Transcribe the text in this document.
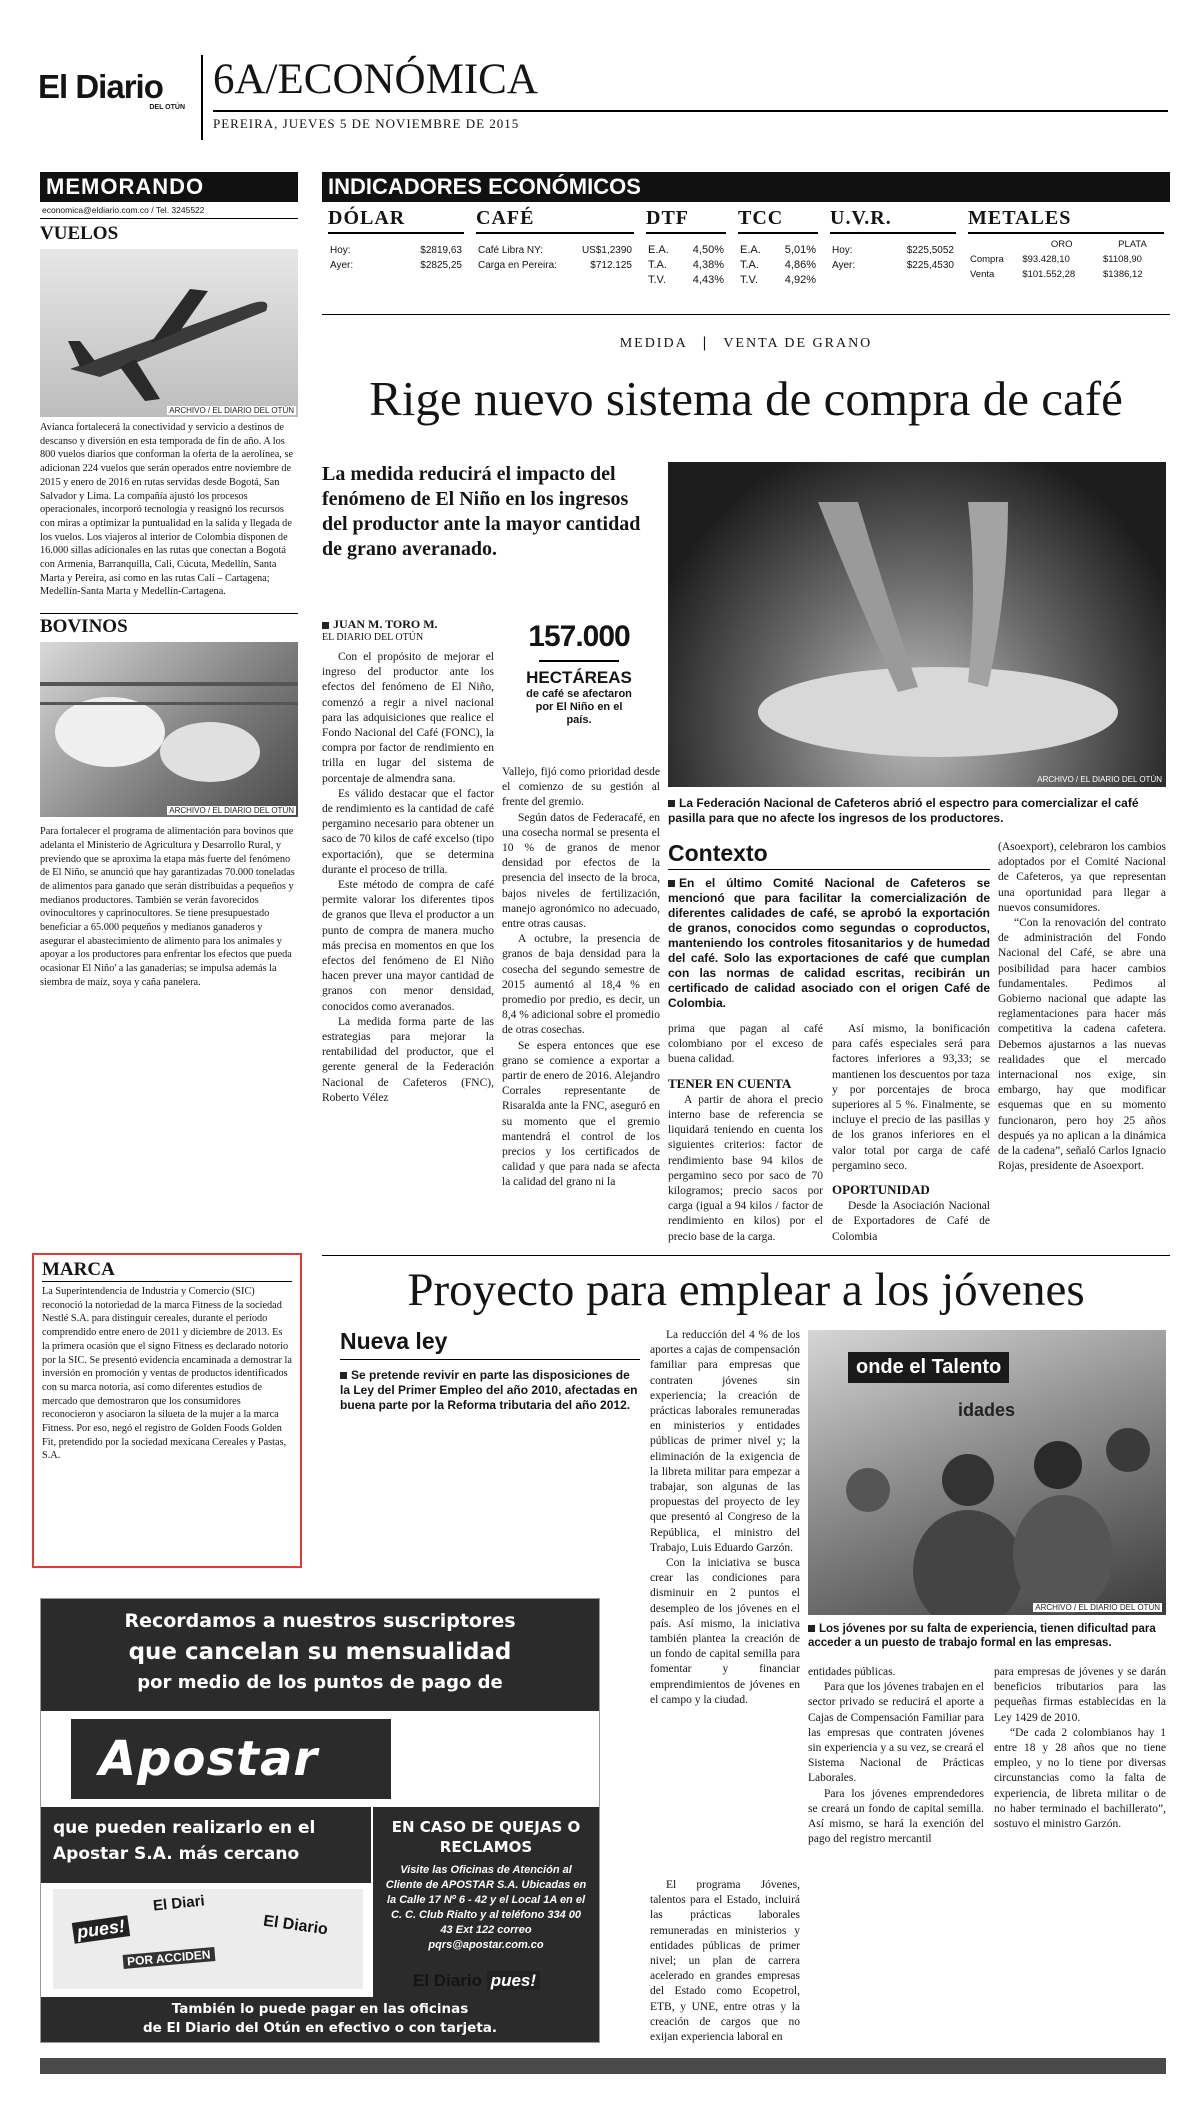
El Diario
DEL OTÚN
6A/ECONÓMICA
PEREIRA, JUEVES 5 DE NOVIEMBRE DE 2015
MEMORANDO
economica@eldiario.com.co / Tel. 3245522
VUELOS
ARCHIVO / EL DIARIO DEL OTÚN
Avianca fortalecerá la conectividad y servicio a destinos de descanso y diversión en esta temporada de fin de año. A los 800 vuelos diarios que conforman la oferta de la aerolínea, se adicionan 224 vuelos que serán operados entre noviembre de 2015 y enero de 2016 en rutas servidas desde Bogotá, San Salvador y Lima. La compañía ajustó los procesos operacionales, incorporó tecnología y reasignó los recursos con miras a optimizar la puntualidad en la salida y llegada de los vuelos. Los viajeros al interior de Colombia disponen de 16.000 sillas adicionales en las rutas que conectan a Bogotá con Armenia, Barranquilla, Cali, Cúcuta, Medellín, Santa Marta y Pereira, así como en las rutas Cali – Cartagena; Medellín-Santa Marta y Medellín-Cartagena.
BOVINOS
ARCHIVO / EL DIARIO DEL OTÚN
Para fortalecer el programa de alimentación para bovinos que adelanta el Ministerio de Agricultura y Desarrollo Rural, y previendo que se aproxima la etapa más fuerte del fenómeno de El Niño, se anunció que hay garantizadas 70.000 toneladas de alimentos para ganado que serán distribuidas a pequeños y medianos productores. También se verán favorecidos ovinocultores y caprinocultores. Se tiene presupuestado beneficiar a 65.000 pequeños y medianos ganaderos y asegurar el abastecimiento de alimento para los animales y apoyar a los productores para enfrentar los efectos que pueda ocasionar El Niño' a las ganaderías; se impulsa además la siembra de maíz, soya y caña panelera.
MARCA
La Superintendencia de Industria y Comercio (SIC) reconoció la notoriedad de la marca Fitness de la sociedad Nestlé S.A. para distinguir cereales, durante el período comprendido entre enero de 2011 y diciembre de 2013. Es la primera ocasión que el signo Fitness es declarado notorio por la SIC. Se presentó evidencia encaminada a demostrar la inversión en promoción y ventas de productos identificados con su marca notoria, así como diferentes estudios de mercado que demostraron que los consumidores reconocieron y asociaron la silueta de la mujer a la marca Fitness. Por eso, negó el registro de Golden Foods Golden Fit, pretendido por la sociedad mexicana Cereales y Pastas, S.A.
INDICADORES ECONÓMICOS
DÓLAR
Hoy:	$2819,63
Ayer:	$2825,25
CAFÉ
Café Libra NY:	US$1,2390
Carga en Pereira:	$712.125
DTF
E.A.	4,50%
T.A.	4,38%
T.V.	4,43%
TCC
E.A.	5,01%
T.A.	4,86%
T.V.	4,92%
U.V.R.
Hoy:	$225,5052
Ayer:	$225,4530
METALES
	ORO	PLATA
Compra	$93.428,10	$1108,90
Venta	$101.552,28	$1386,12
MEDIDA | VENTA DE GRANO
Rige nuevo sistema de compra de café
La medida reducirá el impacto del fenómeno de El Niño en los ingresos del productor ante la mayor cantidad de grano averanado.
JUAN M. TORO M.
EL DIARIO DEL OTÚN	157.000
HECTÁREAS
de café se afectaron por El Niño en el país.
ARCHIVO / EL DIARIO DEL OTÚN
La Federación Nacional de Cafeteros abrió el espectro para comercializar el café pasilla para que no afecte los ingresos de los productores.

Con el propósito de mejorar el ingreso del productor ante los efectos del fenómeno de El Niño, comenzó a regir a nivel nacional para las adquisiciones que realice el Fondo Nacional del Café (FONC), la compra por factor de rendimiento en trilla en lugar del sistema de porcentaje de almendra sana.

Es válido destacar que el factor de rendimiento es la cantidad de café pergamino necesario para obtener un saco de 70 kilos de café excelso (tipo exportación), que se determina durante el proceso de trilla.

Este método de compra de café permite valorar los diferentes tipos de granos que lleva el productor a un punto de compra de manera mucho más precisa en momentos en que los efectos del fenómeno de El Niño hacen prever una mayor cantidad de granos con menor densidad, conocidos como averanados.

La medida forma parte de las estrategias para mejorar la rentabilidad del productor, que el gerente general de la Federación Nacional de Cafeteros (FNC), Roberto Vélez

Vallejo, fijó como prioridad desde el comienzo de su gestión al frente del gremio.

Según datos de Federacafé, en una cosecha normal se presenta el 10 % de granos de menor densidad por efectos de la presencia del insecto de la broca, bajos niveles de fertilización, manejo agronómico no adecuado, entre otras causas.

A octubre, la presencia de granos de baja densidad para la cosecha del segundo semestre de 2015 aumentó al 18,4 % en promedio por predio, es decir, un 8,4 % adicional sobre el promedio de otras cosechas.

Se espera entonces que ese grano se comience a exportar a partir de enero de 2016. Alejandro Corrales representante de Risaralda ante la FNC, aseguró en su momento que el gremio mantendrá el control de los precios y los certificados de calidad y que para nada se afecta la calidad del grano ni la

Contexto
En el último Comité Nacional de Cafeteros se mencionó que para facilitar la comercialización de diferentes calidades de café, se aprobó la exportación de granos, conocidos como segundas o coproductos, manteniendo los controles fitosanitarios y de humedad del café. Solo las exportaciones de café que cumplan con las normas de calidad escritas, recibirán un certificado de calidad asociado con el origen Café de Colombia.

prima que pagan al café colombiano por el exceso de buena calidad.

TENER EN CUENTA

A partir de ahora el precio interno base de referencia se liquidará teniendo en cuenta los siguientes criterios: factor de rendimiento base 94 kilos de pergamino seco por saco de 70 kilogramos; precio sacos por carga (igual a 94 kilos / factor de rendimiento en kilos) por el precio base de la carga.

Así mismo, la bonificación para cafés especiales será para factores inferiores a 93,33; se mantienen los descuentos por taza y por porcentajes de broca superiores al 5 %. Finalmente, se incluye el precio de las pasillas y de los granos inferiores en el valor total por carga de café pergamino seco.

OPORTUNIDAD

Desde la Asociación Nacional de Exportadores de Café de Colombia

(Asoexport), celebraron los cambios adoptados por el Comité Nacional de Cafeteros, ya que representan una oportunidad para llegar a nuevos consumidores.

“Con la renovación del contrato de administración del Fondo Nacional del Café, se abre una posibilidad para hacer cambios fundamentales. Pedimos al Gobierno nacional que adapte las reglamentaciones para hacer más competitiva la cadena cafetera. Debemos ajustarnos a las nuevas realidades que el mercado internacional nos exige, sin embargo, hay que modificar esquemas que en su momento funcionaron, pero hoy 25 años después ya no aplican a la dinámica de la cadena”, señaló Carlos Ignacio Rojas, presidente de Asoexport.

Proyecto para emplear a los jóvenes
Nueva ley
Se pretende revivir en parte las disposiciones de la Ley del Primer Empleo del año 2010, afectadas en buena parte por la Reforma tributaria del año 2012.

La reducción del 4 % de los aportes a cajas de compensación familiar para empresas que contraten jóvenes sin experiencia; la creación de prácticas laborales remuneradas en ministerios y entidades públicas de primer nivel y; la eliminación de la exigencia de la libreta militar para empezar a trabajar, son algunas de las propuestas del proyecto de ley que presentó al Congreso de la República, el ministro del Trabajo, Luis Eduardo Garzón.

Con la iniciativa se busca crear las condiciones para disminuir en 2 puntos el desempleo de los jóvenes en el país. Así mismo, la iniciativa también plantea la creación de un fondo de capital semilla para fomentar y financiar emprendimientos de jóvenes en el campo y la ciudad.

El programa Jóvenes, talentos para el Estado, incluirá las prácticas laborales remuneradas en ministerios y entidades públicas de primer nivel; un plan de carrera acelerado en grandes empresas del Estado como Ecopetrol, ETB, y UNE, entre otras y la creación de cargos que no exijan experiencia laboral en

onde el Talento
idades
ARCHIVO / EL DIARIO DEL OTÚN
Los jóvenes por su falta de experiencia, tienen dificultad para acceder a un puesto de trabajo formal en las empresas.

entidades públicas.

Para que los jóvenes trabajen en el sector privado se reducirá el aporte a Cajas de Compensación Familiar para las empresas que contraten jóvenes sin experiencia y a su vez, se creará el Sistema Nacional de Prácticas Laborales.

Para los jóvenes emprendedores se creará un fondo de capital semilla. Así mismo, se hará la exención del pago del registro mercantil

para empresas de jóvenes y se darán beneficios tributarios para las pequeñas firmas establecidas en la Ley 1429 de 2010.

“De cada 2 colombianos hay 1 entre 18 y 28 años que no tiene empleo, y no lo tiene por diversas circunstancias como la falta de experiencia, de libreta militar o de no haber terminado el bachillerato”, sostuvo el ministro Garzón.

Recordamos a nuestros suscriptores
que cancelan su mensualidad
por medio de los puntos de pago de
Apostar
que pueden realizarlo en el
Apostar S.A. más cercano
EN CASO DE QUEJAS O RECLAMOS
Visite las Oficinas de Atención al Cliente de APOSTAR S.A. Ubicadas en la Calle 17 Nº 6 - 42 y el Local 1A en el C. C. Club Rialto y al teléfono 334 00 43 Ext 122 correo pqrs@apostar.com.co
El Diari
pues!
POR ACCIDEN
El Diario
El Diario pues!
También lo puede pagar en las oficinas
de El Diario del Otún en efectivo o con tarjeta.
